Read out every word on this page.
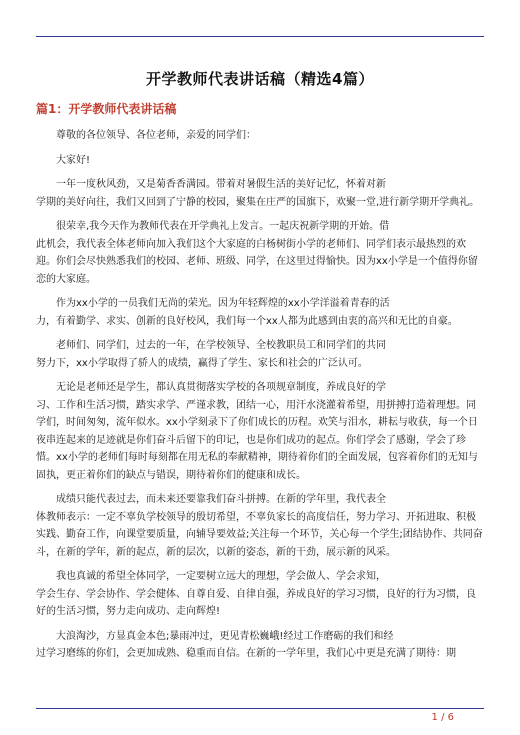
开学教师代表讲话稿（精选4篇）
篇1：开学教师代表讲话稿

尊敬的各位领导、各位老师，亲爱的同学们：

大家好!

一年一度秋风劲，又是菊香香满园。带着对暑假生活的美好记忆，怀着对新
学期的美好向往，我们又回到了宁静的校园，聚集在庄严的国旗下，欢聚一堂,进行新学期开学典礼。

很荣幸,我今天作为教师代表在开学典礼上发言。一起庆祝新学期的开始。借
此机会，我代表全体老师向加入我们这个大家庭的白杨树街小学的老师们、同学们表示最热烈的欢迎。你们会尽快熟悉我们的校园、老师、班级、同学，在这里过得愉快。因为xx小学是一个值得你留恋的大家庭。

作为xx小学的一员我们无尚的荣光。因为年轻辉煌的xx小学洋溢着青春的活
力，有着勤学、求实、创新的良好校风，我们每一个xx人都为此感到由衷的高兴和无比的自豪。

老师们、同学们，过去的一年，在学校领导、全校教职员工和同学们的共同
努力下，xx小学取得了骄人的成绩，赢得了学生、家长和社会的广泛认可。

无论是老师还是学生，都认真贯彻落实学校的各项规章制度，养成良好的学
习、工作和生活习惯，踏实求学、严谨求教，团结一心，用汗水浇灌着希望，用拼搏打造着理想。同学们，时间匆匆，流年似水。xx小学刻录下了你们成长的历程。欢笑与泪水，耕耘与收获，每一个日夜串连起来的足迹就是你们奋斗后留下的印记，也是你们成功的起点。你们学会了感谢，学会了珍惜。xx小学的老师们每时每刻都在用无私的奉献精神，期待着你们的全面发展，包容着你们的无知与固执，更正着你们的缺点与错误，期待着你们的健康和成长。

成绩只能代表过去，而未来还要靠我们奋斗拼搏。在新的学年里，我代表全
体教师表示：一定不辜负学校领导的殷切希望，不辜负家长的高度信任，努力学习、开拓进取、积极实践、勤奋工作，向课堂要质量，向辅导要效益;关注每一个环节，关心每一个学生;团结协作、共同奋斗，在新的学年，新的起点，新的层次，以新的姿态，新的干劲，展示新的风采。

我也真诚的希望全体同学，一定要树立远大的理想，学会做人、学会求知，
学会生存、学会协作、学会健体、自尊自爱、自律自强，养成良好的学习习惯，良好的行为习惯，良好的生活习惯，努力走向成功、走向辉煌!

大浪淘沙，方显真金本色;暴雨冲过，更见青松巍峨!经过工作磨砺的我们和经
过学习磨练的你们，会更加成熟、稳重而自信。在新的一学年里，我们心中更是充满了期待：期

1 / 6
